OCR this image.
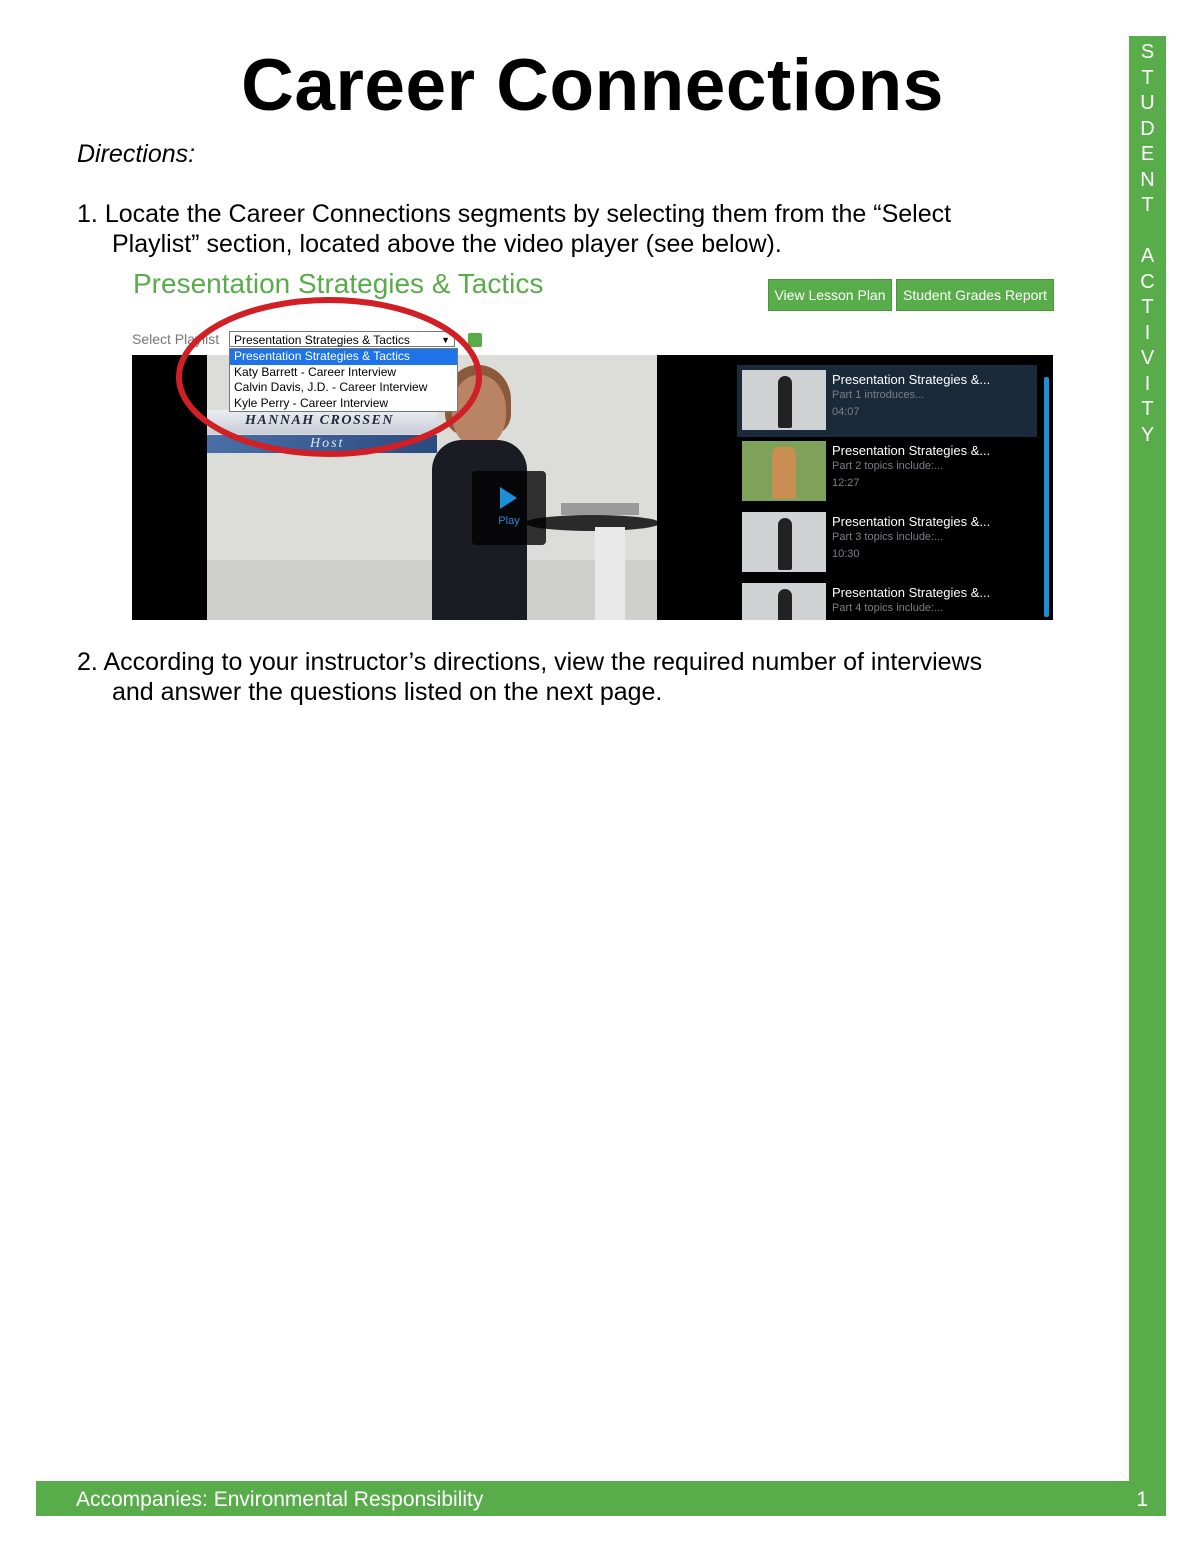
Career Connections
Directions:
1. Locate the Career Connections segments by selecting them from the “Select
Playlist” section, located above the video player (see below).
Presentation Strategies & Tactics	View Lesson Plan	Student Grades Report
HANNAH CROSSEN
Host
Play
Presentation Strategies &...
Part 1 introduces...
04:07
Presentation Strategies &...
Part 2 topics include:...
12:27
Presentation Strategies &...
Part 3 topics include:...
10:30
Presentation Strategies &...
Part 4 topics include:...
Select Playlist	Presentation Strategies & Tactics	▼
Presentation Strategies & Tactics
Katy Barrett - Career Interview
Calvin Davis, J.D. - Career Interview
Kyle Perry - Career Interview
2. According to your instructor’s directions, view the required number of interviews
and answer the questions listed on the next page.
S
T
U
D
E
N
T
A
C
T
I
V
I
T
Y
Accompanies: Environmental Responsibility	1
